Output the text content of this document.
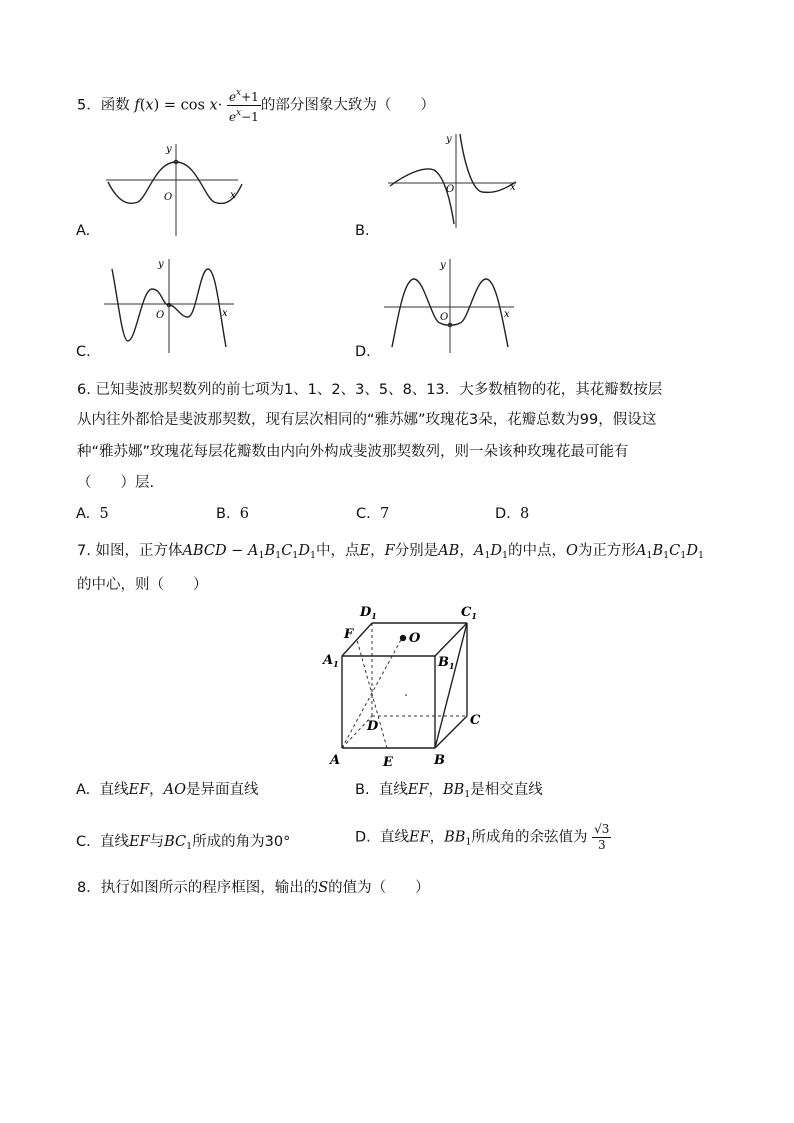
5．函数 $f(x) = \cos x\cdot \frac{e^x+1}{e^x-1}$ 的部分图象大致为（　　）
y
x
O
A.
y
x
O
B.
y
x
O
C.
y
x
O
D.
6. 已知斐波那契数列的前七项为1、1、2、3、5、8、13．大多数植物的花，其花瓣数按层
从内往外都恰是斐波那契数，现有层次相同的“雅苏娜”玫瑰花3朵，花瓣总数为99，假设这
种“雅苏娜”玫瑰花每层花瓣数由内向外构成斐波那契数列，则一朵该种玫瑰花最可能有
（　　）层.
A. 5	B. 6	C. 7	D. 8
7. 如图，正方体ABCD − $A_1B_1C_1D_1$中，点E，F分别是AB，$A_1D_1$的中点，O为正方形$A_1B_1C_1D_1$
的中心，则（　　）
$D_1$	$C_1$
F	O
$A_1$	$B_1$
D	C
A	E	B
A. 直线EF，AO是异面直线	B. 直线EF，$BB_1$是相交直线
C. 直线EF与$BC_1$所成的角为30°	D. 直线EF，$BB_1$所成角的余弦值为 $\frac{√3}{3}$
8．执行如图所示的程序框图，输出的S的值为（　　）
